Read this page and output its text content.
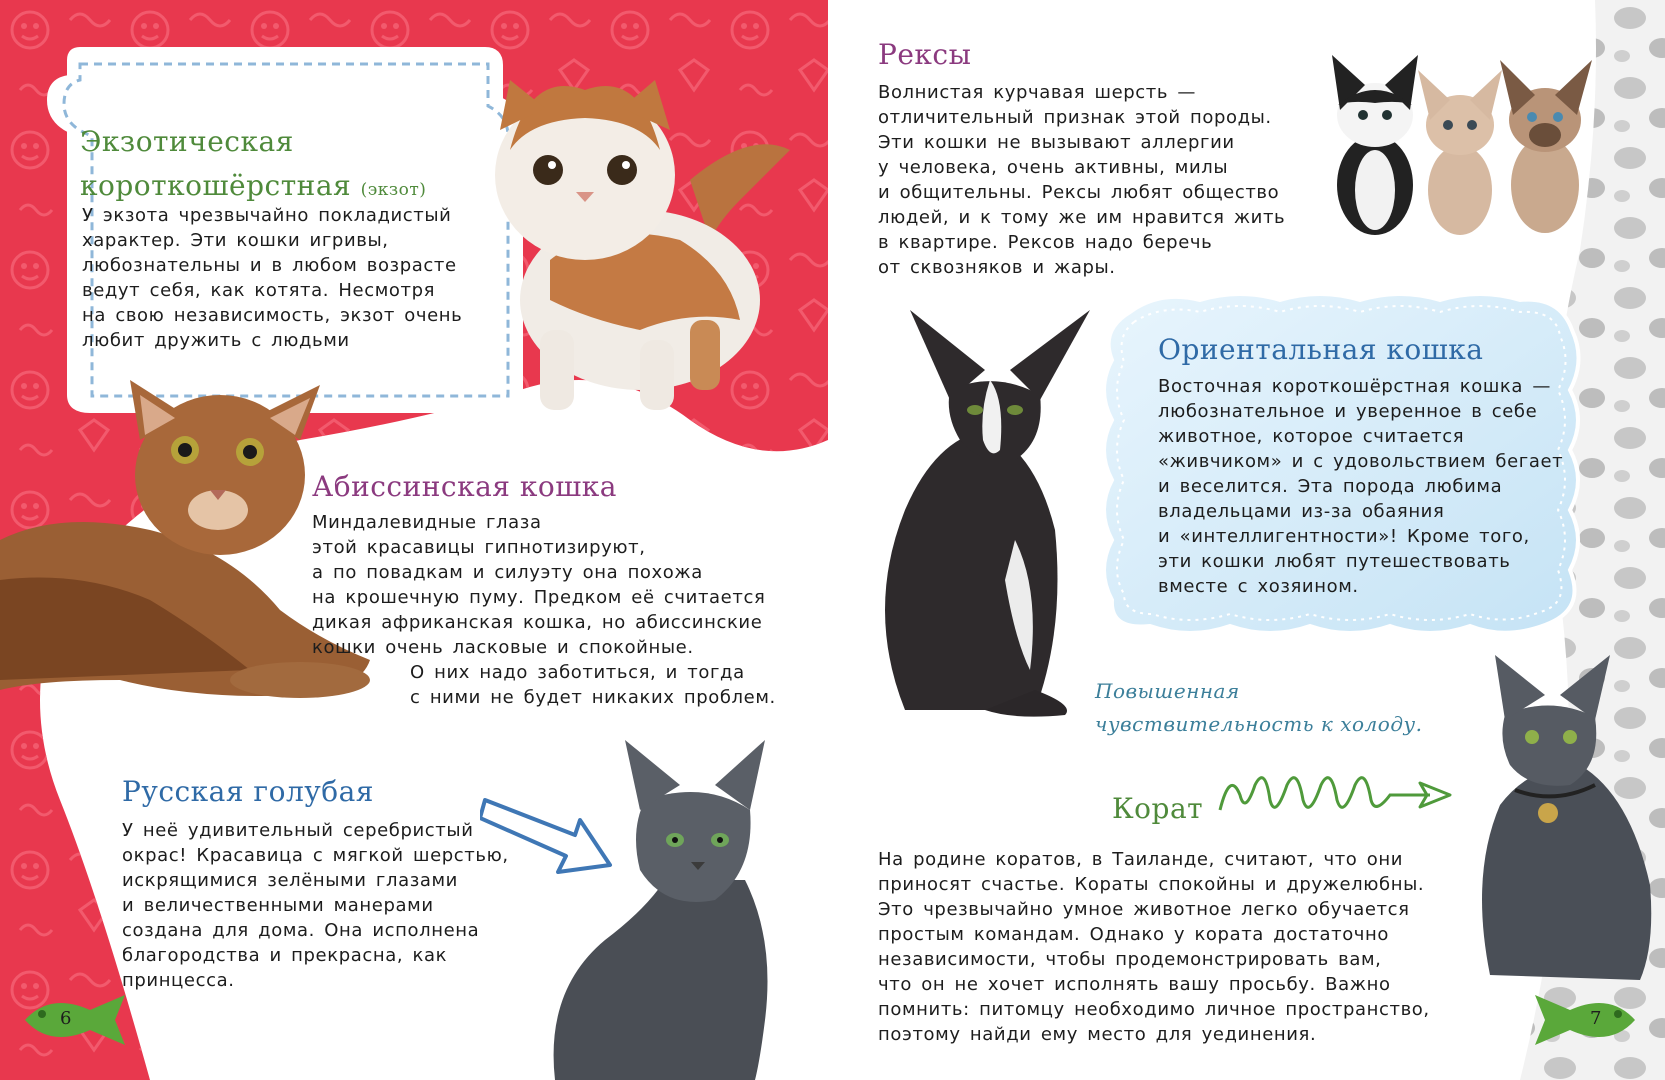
Экзотическая
короткошёрстная (экзот)
У экзота чрезвычайно покладистый
характер. Эти кошки игривы,
любознательны и в любом возрасте
ведут себя, как котята. Несмотря
на свою независимость, экзот очень
любит дружить с людьми
Абиссинская кошка
Миндалевидные глаза
этой красавицы гипнотизируют,
а по повадкам и силуэту она похожа
на крошечную пуму. Предком её считается
дикая африканская кошка, но абиссинские
кошки очень ласковые и спокойные.
О них надо заботиться, и тогда
с ними не будет никаких проблем.
Русская голубая
У неё удивительный серебристый
окрас! Красавица с мягкой шерстью,
искрящимися зелёными глазами
и величественными манерами
создана для дома. Она исполнена
благородства и прекрасна, как
принцесса.
6
Рексы
Волнистая курчавая шерсть —
отличительный признак этой породы.
Эти кошки не вызывают аллергии
у человека, очень активны, милы
и общительны. Рексы любят общество
людей, и к тому же им нравится жить
в квартире. Рексов надо беречь
от сквозняков и жары.
Ориентальная кошка
Восточная короткошёрстная кошка —
любознательное и уверенное в себе
животное, которое считается
«живчиком» и с удовольствием бегает
и веселится. Эта порода любима
владельцами из-за обаяния
и «интеллигентности»! Кроме того,
эти кошки любят путешествовать
вместе с хозяином.
Повышенная
чувствительность к холоду.
Корат
На родине коратов, в Таиланде, считают, что они
приносят счастье. Кораты спокойны и дружелюбны.
Это чрезвычайно умное животное легко обучается
простым командам. Однако у кората достаточно
независимости, чтобы продемонстрировать вам,
что он не хочет исполнять вашу просьбу. Важно
помнить: питомцу необходимо личное пространство,
поэтому найди ему место для уединения.
7
